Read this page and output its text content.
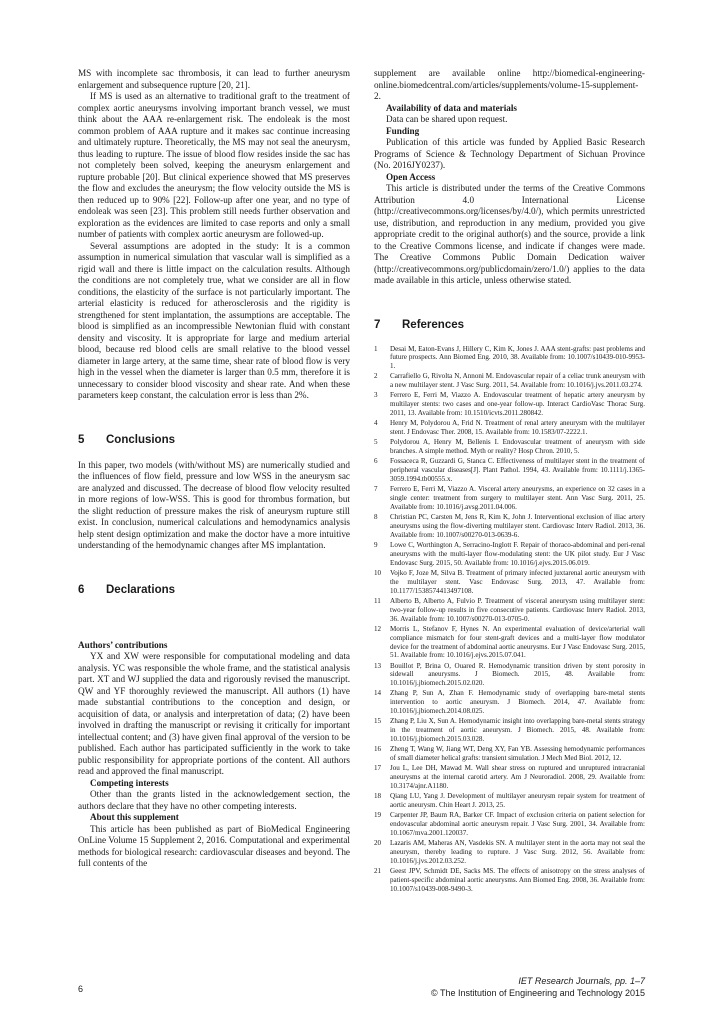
MS with incomplete sac thrombosis, it can lead to further aneurysm enlargement and subsequence rupture [20, 21].

If MS is used as an alternative to traditional graft to the treatment of complex aortic aneurysms involving important branch vessel, we must think about the AAA re-enlargement risk. The endoleak is the most common problem of AAA rupture and it makes sac continue increasing and ultimately rupture. Theoretically, the MS may not seal the aneurysm, thus leading to rupture. The issue of blood flow resides inside the sac has not completely been solved, keeping the aneurysm enlargement and rupture probable [20]. But clinical experience showed that MS preserves the flow and excludes the aneurysm; the flow velocity outside the MS is then reduced up to 90% [22]. Follow-up after one year, and no type of endoleak was seen [23]. This problem still needs further observation and exploration as the evidences are limited to case reports and only a small number of patients with complex aortic aneurysm are followed-up.

Several assumptions are adopted in the study: It is a common assumption in numerical simulation that vascular wall is simplified as a rigid wall and there is little impact on the calculation results. Although the conditions are not completely true, what we consider are all in flow conditions, the elasticity of the surface is not particularly important. The arterial elasticity is reduced for atherosclerosis and the rigidity is strengthened for stent implantation, the assumptions are acceptable. The blood is simplified as an incompressible Newtonian fluid with constant density and viscosity. It is appropriate for large and medium arterial blood, because red blood cells are small relative to the blood vessel diameter in large artery, at the same time, shear rate of blood flow is very high in the vessel when the diameter is larger than 0.5 mm, therefore it is unnecessary to consider blood viscosity and shear rate. And when these parameters keep constant, the calculation error is less than 2%.

5 Conclusions

In this paper, two models (with/without MS) are numerically studied and the influences of flow field, pressure and low WSS in the aneurysm sac are analyzed and discussed. The decrease of blood flow velocity resulted in more regions of low-WSS. This is good for thrombus formation, but the slight reduction of pressure makes the risk of aneurysm rupture still exist. In conclusion, numerical calculations and hemodynamics analysis help stent design optimization and make the doctor have a more intuitive understanding of the hemodynamic changes after MS implantation.

6 Declarations
Authors’ contributions

YX and XW were responsible for computational modeling and data analysis. YC was responsible the whole frame, and the statistical analysis part. XT and WJ supplied the data and rigorously revised the manuscript. QW and YF thoroughly reviewed the manuscript. All authors (1) have made substantial contributions to the conception and design, or acquisition of data, or analysis and interpretation of data; (2) have been involved in drafting the manuscript or revising it critically for important intellectual content; and (3) have given final approval of the version to be published. Each author has participated sufficiently in the work to take public responsibility for appropriate portions of the content. All authors read and approved the final manuscript.

Competing interests

Other than the grants listed in the acknowledgement section, the authors declare that they have no other competing interests.

About this supplement

This article has been published as part of BioMedical Engineering OnLine Volume 15 Supplement 2, 2016. Computational and experimental methods for biological research: cardiovascular diseases and beyond. The full contents of the

supplement are available online http://biomedical-engineering-online.biomedcentral.com/articles/supplements/volume-15-supplement-2.

Availability of data and materials

Data can be shared upon request.

Funding

Publication of this article was funded by Applied Basic Research Programs of Science & Technology Department of Sichuan Province (No. 2016JY0237).

Open Access

This article is distributed under the terms of the Creative Commons Attribution 4.0 International License (http://creativecommons.org/licenses/by/4.0/), which permits unrestricted use, distribution, and reproduction in any medium, provided you give appropriate credit to the original author(s) and the source, provide a link to the Creative Commons license, and indicate if changes were made. The Creative Commons Public Domain Dedication waiver (http://creativecommons.org/publicdomain/zero/1.0/) applies to the data made available in this article, unless otherwise stated.

7 References
1	Desai M, Eaton-Evans J, Hillery C, Kim K, Jones J. AAA stent-grafts: past problems and future prospects. Ann Biomed Eng. 2010, 38. Available from: 10.1007/s10439-010-9953-1.
2	Carrafiello G, Rivolta N, Annoni M. Endovascular repair of a celiac trunk aneurysm with a new multilayer stent. J Vasc Surg. 2011, 54. Available from: 10.1016/j.jvs.2011.03.274.
3	Ferrero E, Ferri M, Viazzo A. Endovascular treatment of hepatic artery aneurysm by multilayer stents: two cases and one-year follow-up. Interact CardioVasc Thorac Surg. 2011, 13. Available from: 10.1510/icvts.2011.280842.
4	Henry M, Polydorou A, Frid N. Treatment of renal artery aneurysm with the multilayer stent. J Endovasc Ther. 2008, 15. Available from: 10.1583/07-2222.1.
5	Polydorou A, Henry M, Bellenis I. Endovascular treatment of aneurysm with side branches. A simple method. Myth or reality? Hosp Chron. 2010, 5.
6	Fossaceca R, Guzzardi G, Stanca C. Effectiveness of multilayer stent in the treatment of peripheral vascular diseases[J]. Plant Pathol. 1994, 43. Available from: 10.1111/j.1365-3059.1994.tb00555.x.
7	Ferrero E, Ferri M, Viazzo A. Visceral artery aneurysms, an experience on 32 cases in a single center: treatment from surgery to multilayer stent. Ann Vasc Surg. 2011, 25. Available from: 10.1016/j.avsg.2011.04.006.
8	Christian PC, Carsten M, Jens R, Kim K, John J. Interventional exclusion of iliac artery aneurysms using the flow-diverting multilayer stent. Cardiovasc Interv Radiol. 2013, 36. Available from: 10.1007/s00270-013-0639-6.
9	Lowe C, Worthington A, Serracino-Inglott F. Repair of thoraco-abdominal and peri-renal aneurysms with the multi-layer flow-modulating stent: the UK pilot study. Eur J Vasc Endovasc Surg. 2015, 50. Available from: 10.1016/j.ejvs.2015.06.019.
10	Vojko F, Joze M, Silva B. Treatment of primary infected juxtarenal aortic aneurysm with the multilayer stent. Vasc Endovasc Surg. 2013, 47. Available from: 10.1177/1538574413497108.
11	Alberto B, Alberto A, Fulvio P. Treatment of visceral aneurysm using multilayer stent: two-year follow-up results in five consecutive patients. Cardiovasc Interv Radiol. 2013, 36. Available from: 10.1007/s00270-013-0705-0.
12	Morris L, Stefanov F, Hynes N. An experimental evaluation of device/arterial wall compliance mismatch for four stent-graft devices and a multi-layer flow modulator device for the treatment of abdominal aortic aneurysms. Eur J Vasc Endovasc Surg. 2015, 51. Available from: 10.1016/j.ejvs.2015.07.041.
13	Bouillot P, Brina O, Ouared R. Hemodynamic transition driven by stent porosity in sidewall aneurysms. J Biomech. 2015, 48. Available from: 10.1016/j.jbiomech.2015.02.020.
14	Zhang P, Sun A, Zhan F. Hemodynamic study of overlapping bare-metal stents intervention to aortic aneurysm. J Biomech. 2014, 47. Available from: 10.1016/j.jbiomech.2014.08.025.
15	Zhang P, Liu X, Sun A. Hemodynamic insight into overlapping bare-metal stents strategy in the treatment of aortic aneurysm. J Biomech. 2015, 48. Available from: 10.1016/j.jbiomech.2015.03.028.
16	Zheng T, Wang W, Jiang WT, Deng XY, Fan YB. Assessing hemodynamic performances of small diameter helical grafts: transient simulation. J Mech Med Biol. 2012, 12.
17	Jou L, Lee DH, Mawad M. Wall shear stress on ruptured and unruptured intracranial aneurysms at the internal carotid artery. Am J Neuroradiol. 2008, 29. Available from: 10.3174/ajnr.A1180.
18	Qiang LU, Yang J. Development of multilayer aneurysm repair system for treatment of aortic aneurysm. Chin Heart J. 2013, 25.
19	Carpenter JP, Baum RA, Barker CF. Impact of exclusion criteria on patient selection for endovascular abdominal aortic aneurysm repair. J Vasc Surg. 2001, 34. Available from: 10.1067/mva.2001.120037.
20	Lazaris AM, Maheras AN, Vasdekis SN. A multilayer stent in the aorta may not seal the aneurysm, thereby leading to rupture. J Vasc Surg. 2012, 56. Available from: 10.1016/j.jvs.2012.03.252.
21	Geest JPV, Schmidt DE, Sacks MS. The effects of anisotropy on the stress analyses of patient-specific abdominal aortic aneurysms. Ann Biomed Eng. 2008, 36. Available from: 10.1007/s10439-008-9490-3.
6
IET Research Journals, pp. 1–7
© The Institution of Engineering and Technology 2015
